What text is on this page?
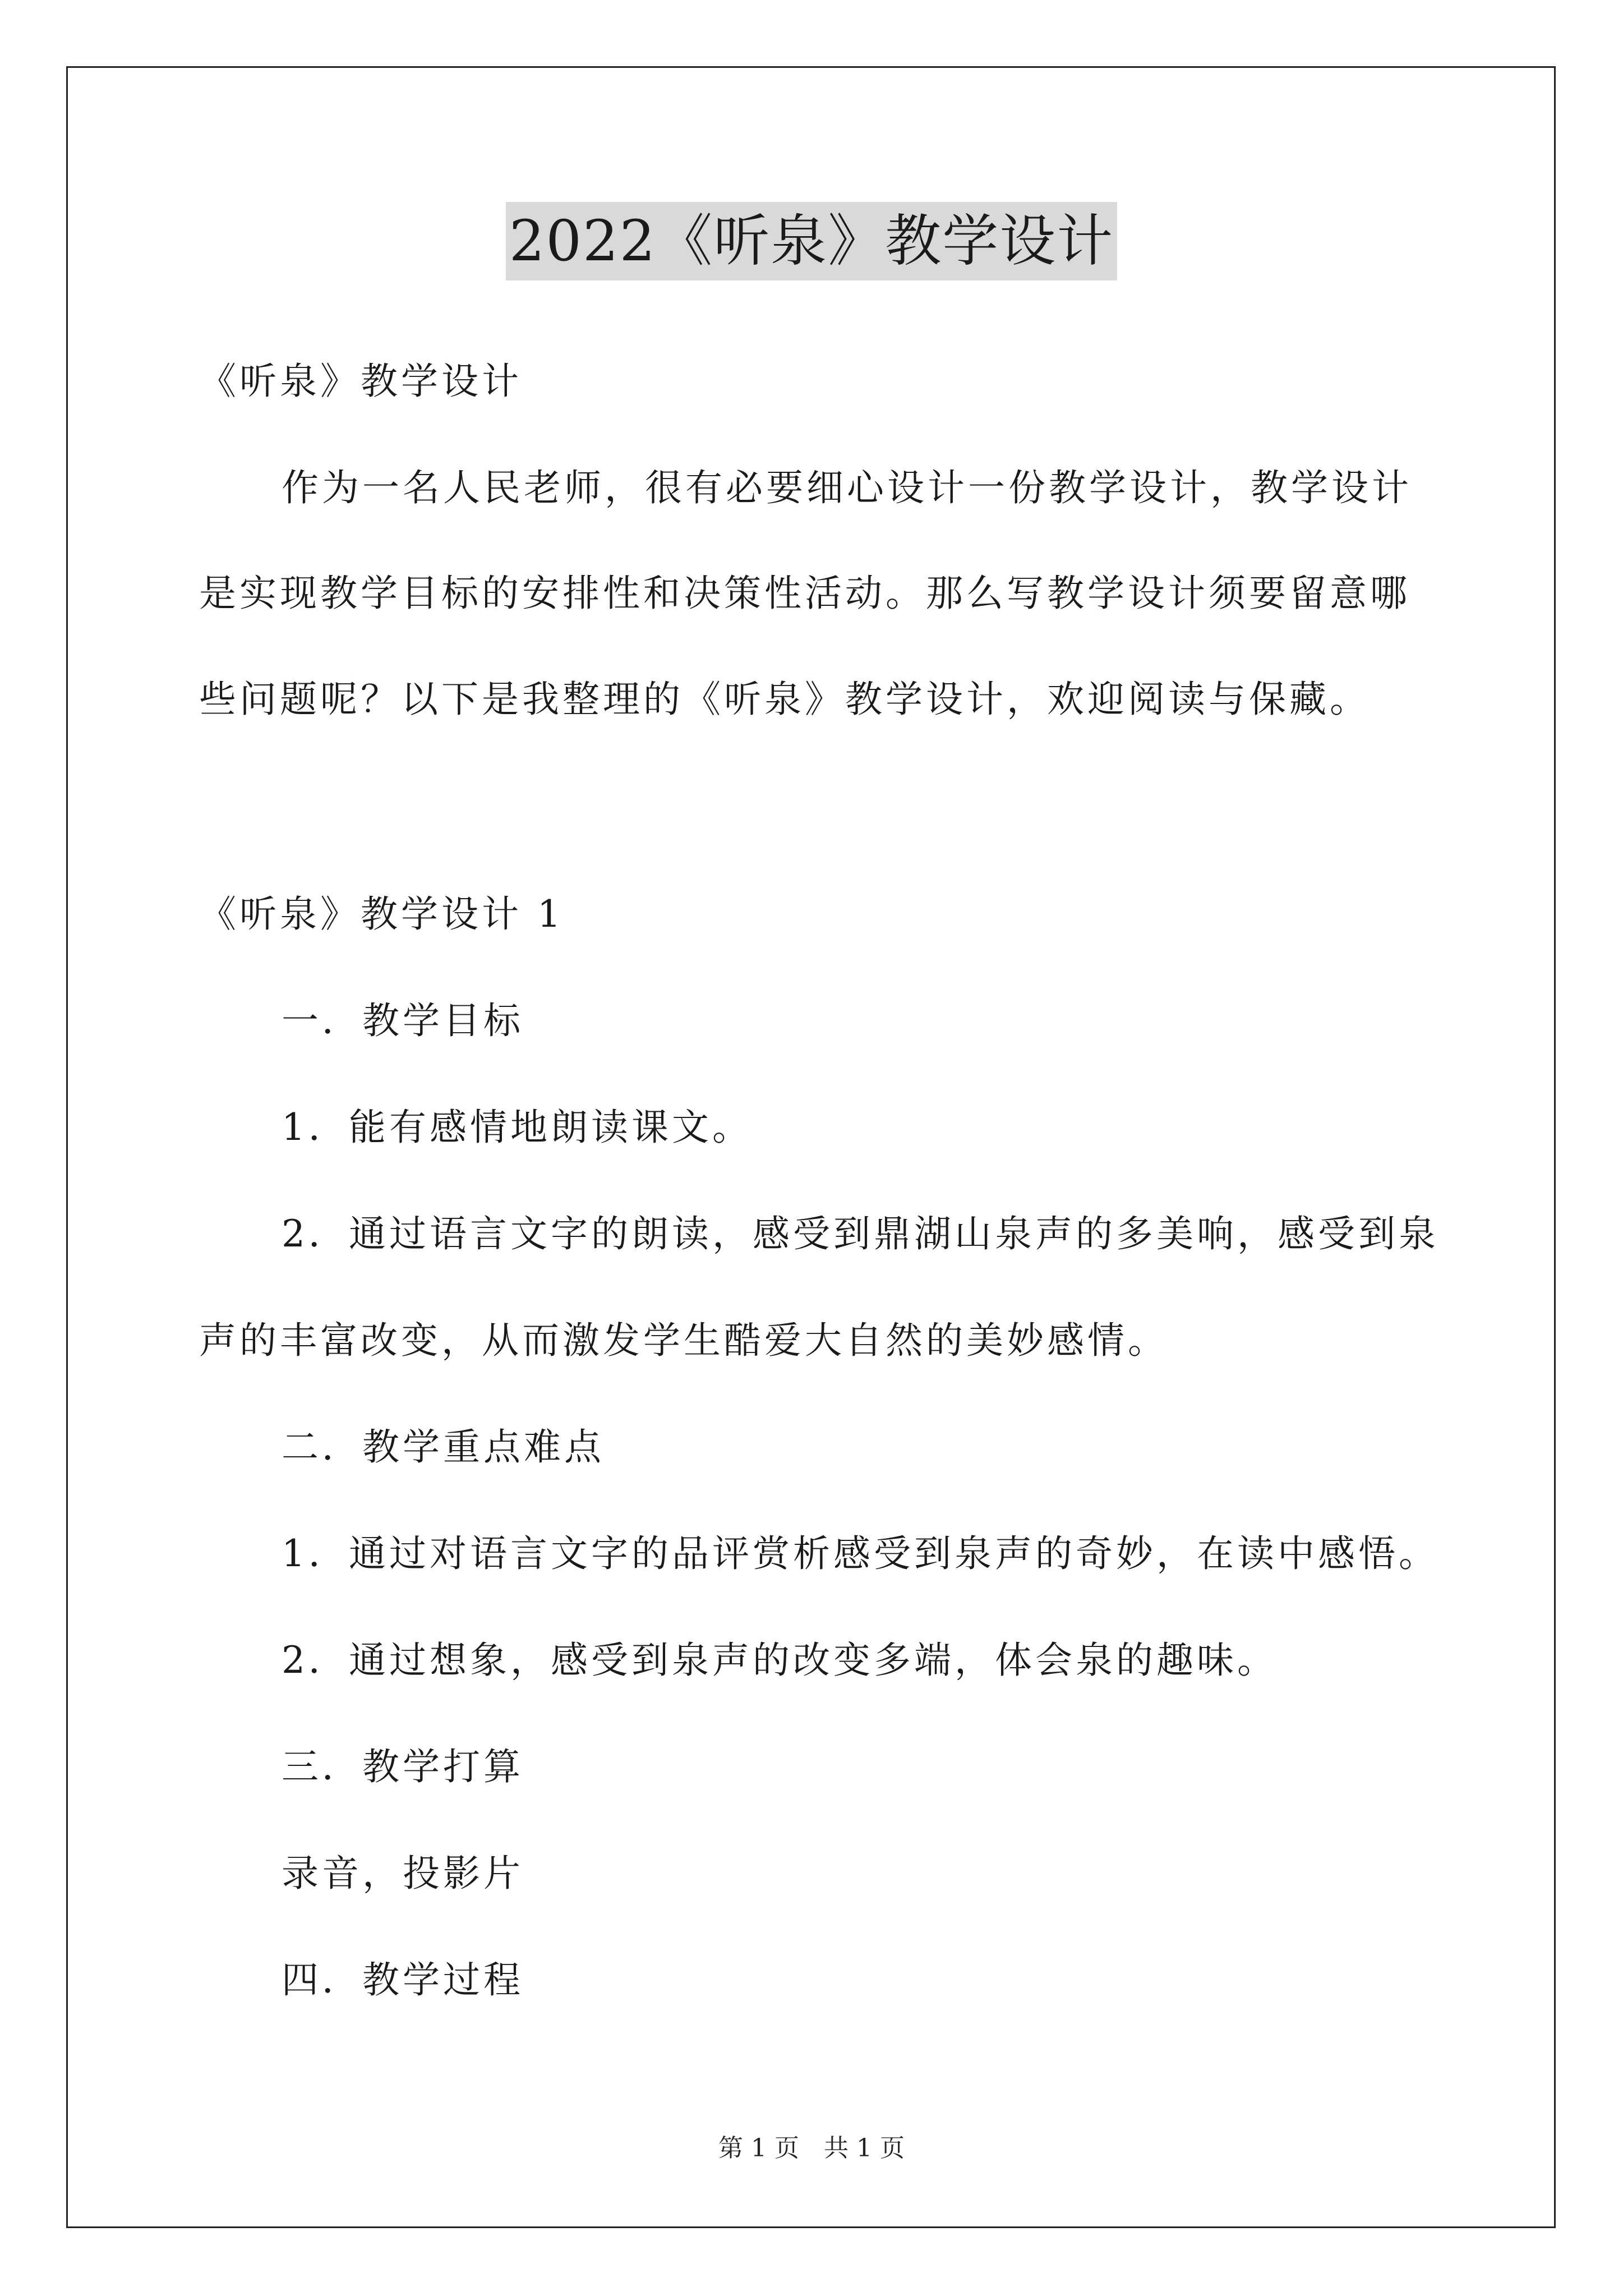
2022《听泉》教学设计
《听泉》教学设计
作为一名人民老师，很有必要细心设计一份教学设计，教学设计
是实现教学目标的安排性和决策性活动。那么写教学设计须要留意哪
些问题呢？以下是我整理的《听泉》教学设计，欢迎阅读与保藏。
《听泉》教学设计 1
一．教学目标
1．能有感情地朗读课文。
2．通过语言文字的朗读，感受到鼎湖山泉声的多美响，感受到泉
声的丰富改变，从而激发学生酷爱大自然的美妙感情。
二．教学重点难点
1．通过对语言文字的品评赏析感受到泉声的奇妙，在读中感悟。
2．通过想象，感受到泉声的改变多端，体会泉的趣味。
三．教学打算
录音，投影片
四．教学过程
第 1 页　共 1 页
